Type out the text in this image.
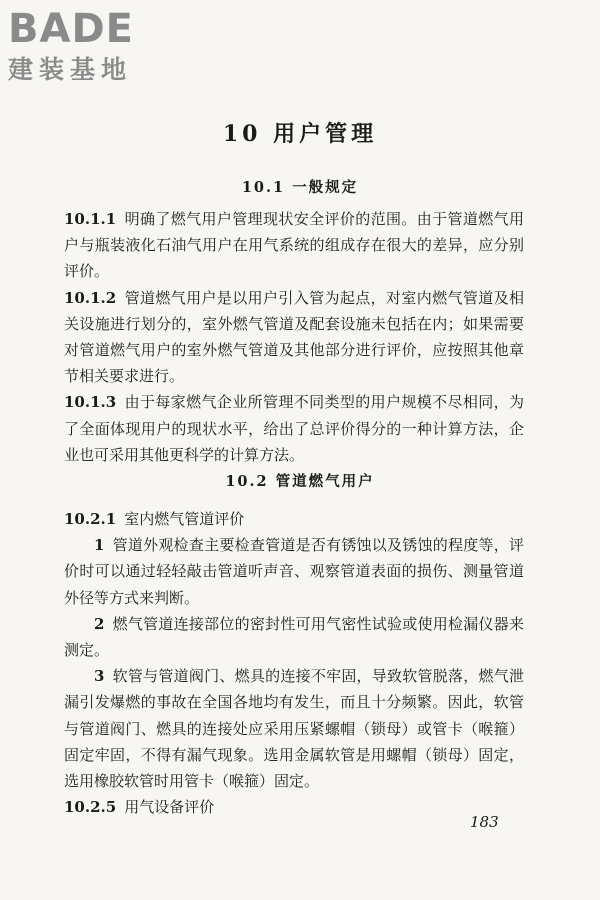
BADE
建装基地
10 用户管理
10.1 一般规定

10.1.1 明确了燃气用户管理现状安全评价的范围。由于管道燃气用户与瓶装液化石油气用户在用气系统的组成存在很大的差异，应分别评价。

10.1.2 管道燃气用户是以用户引入管为起点，对室内燃气管道及相关设施进行划分的，室外燃气管道及配套设施未包括在内；如果需要对管道燃气用户的室外燃气管道及其他部分进行评价，应按照其他章节相关要求进行。

10.1.3 由于每家燃气企业所管理不同类型的用户规模不尽相同，为了全面体现用户的现状水平，给出了总评价得分的一种计算方法，企业也可采用其他更科学的计算方法。

10.2 管道燃气用户

10.2.1 室内燃气管道评价

1 管道外观检查主要检查管道是否有锈蚀以及锈蚀的程度等，评价时可以通过轻轻敲击管道听声音、观察管道表面的损伤、测量管道外径等方式来判断。

2 燃气管道连接部位的密封性可用气密性试验或使用检漏仪器来测定。

3 软管与管道阀门、燃具的连接不牢固，导致软管脱落，燃气泄漏引发爆燃的事故在全国各地均有发生，而且十分频繁。因此，软管与管道阀门、燃具的连接处应采用压紧螺帽（锁母）或管卡（喉箍）固定牢固，不得有漏气现象。选用金属软管是用螺帽（锁母）固定，选用橡胶软管时用管卡（喉箍）固定。

10.2.5 用气设备评价

183
